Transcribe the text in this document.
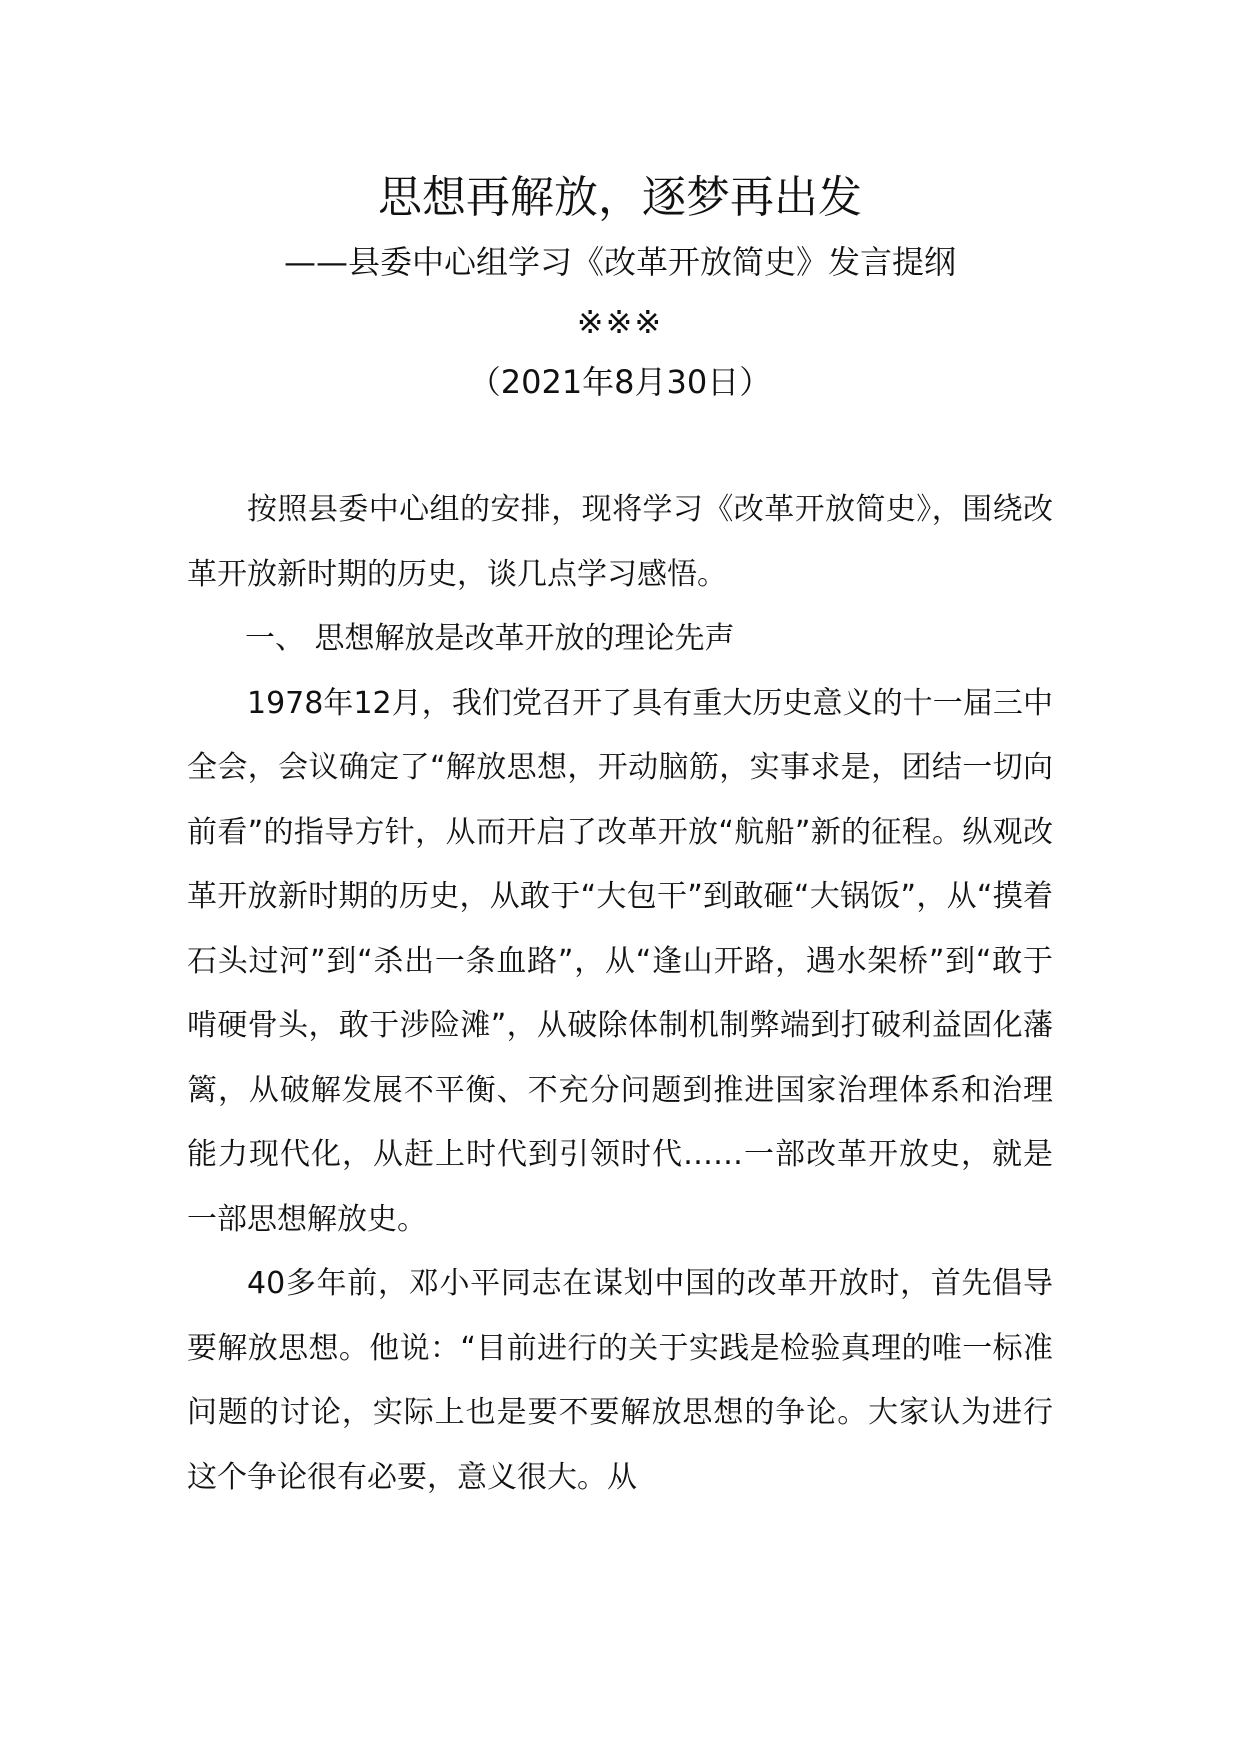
思想再解放，逐梦再出发
——县委中心组学习《改革开放简史》发言提纲
※※※
（2021年8月30日）

按照县委中心组的安排，现将学习《改革开放简史》，围绕改革开放新时期的历史，谈几点学习感悟。

一、 思想解放是改革开放的理论先声

1978年12月，我们党召开了具有重大历史意义的十一届三中全会，会议确定了“解放思想，开动脑筋，实事求是，团结一切向前看”的指导方针，从而开启了改革开放“航船”新的征程。纵观改革开放新时期的历史，从敢于“大包干”到敢砸“大锅饭”，从“摸着石头过河”到“杀出一条血路”，从“逢山开路，遇水架桥”到“敢于啃硬骨头，敢于涉险滩”，从破除体制机制弊端到打破利益固化藩篱，从破解发展不平衡、不充分问题到推进国家治理体系和治理能力现代化，从赶上时代到引领时代……一部改革开放史，就是一部思想解放史。

40多年前，邓小平同志在谋划中国的改革开放时，首先倡导要解放思想。他说：“目前进行的关于实践是检验真理的唯一标准问题的讨论，实际上也是要不要解放思想的争论。大家认为进行这个争论很有必要，意义很大。从
